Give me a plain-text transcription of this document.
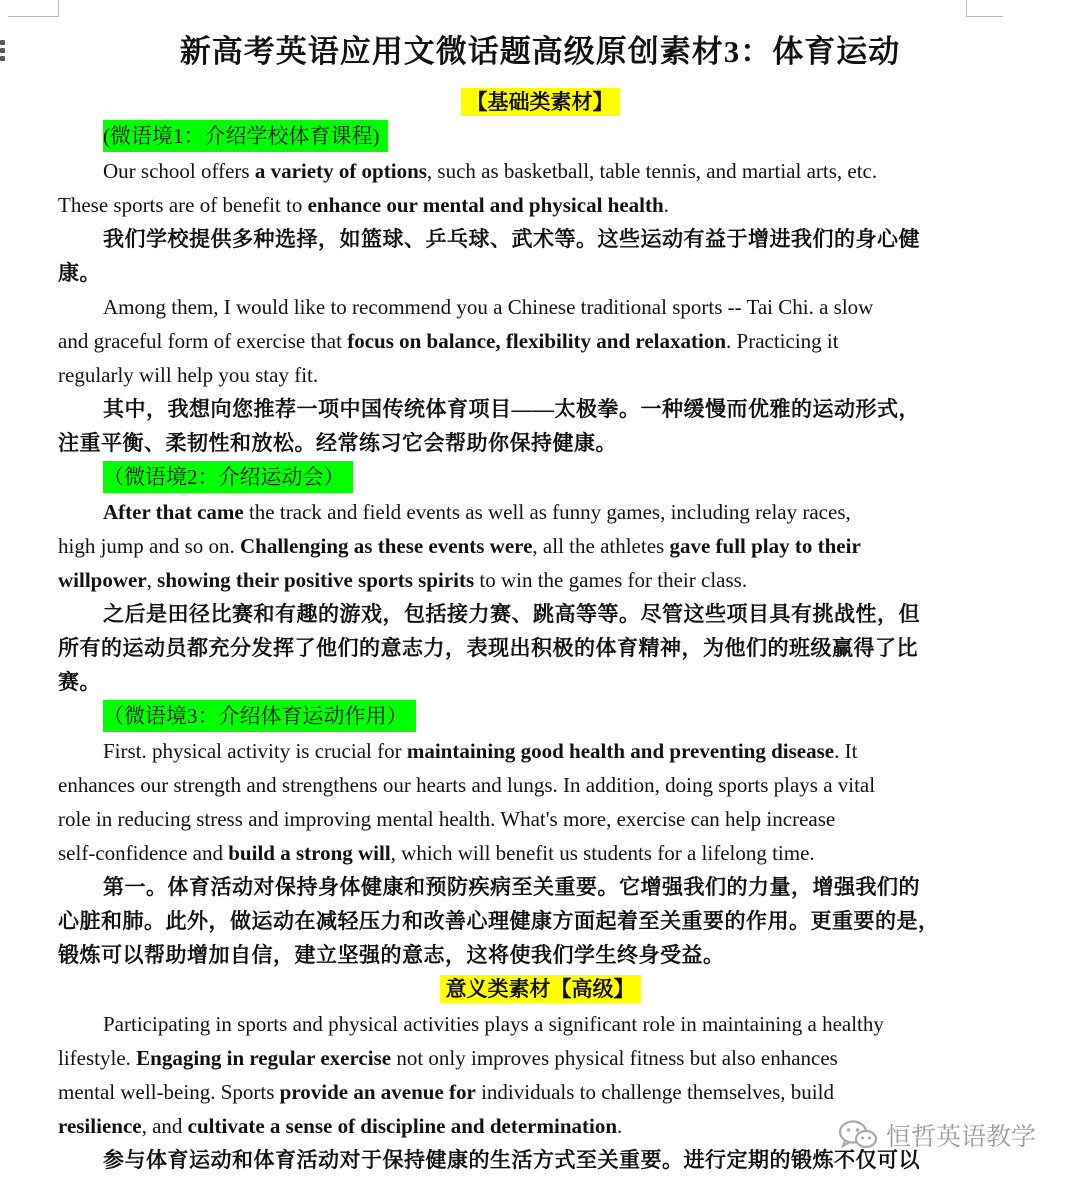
新高考英语应用文微话题高级原创素材3：体育运动
【基础类素材】
(微语境1：介绍学校体育课程)
Our school offers a variety of options, such as basketball, table tennis, and martial arts, etc.
These sports are of benefit to enhance our mental and physical health.
我们学校提供多种选择，如篮球、乒乓球、武术等。这些运动有益于增进我们的身心健
康。
Among them, I would like to recommend you a Chinese traditional sports -- Tai Chi. a slow
and graceful form of exercise that focus on balance, flexibility and relaxation. Practicing it
regularly will help you stay fit.
其中，我想向您推荐一项中国传统体育项目——太极拳。一种缓慢而优雅的运动形式，
注重平衡、柔韧性和放松。经常练习它会帮助你保持健康。
（微语境2：介绍运动会）
After that came the track and field events as well as funny games, including relay races,
high jump and so on. Challenging as these events were, all the athletes gave full play to their
willpower, showing their positive sports spirits to win the games for their class.
之后是田径比赛和有趣的游戏，包括接力赛、跳高等等。尽管这些项目具有挑战性，但
所有的运动员都充分发挥了他们的意志力，表现出积极的体育精神，为他们的班级赢得了比
赛。
（微语境3：介绍体育运动作用）
First. physical activity is crucial for maintaining good health and preventing disease. It
enhances our strength and strengthens our hearts and lungs. In addition, doing sports plays a vital
role in reducing stress and improving mental health. What's more, exercise can help increase
self-confidence and build a strong will, which will benefit us students for a lifelong time.
第一。体育活动对保持身体健康和预防疾病至关重要。它增强我们的力量，增强我们的
心脏和肺。此外，做运动在减轻压力和改善心理健康方面起着至关重要的作用。更重要的是，
锻炼可以帮助增加自信，建立坚强的意志，这将使我们学生终身受益。
意义类素材【高级】
Participating in sports and physical activities plays a significant role in maintaining a healthy
lifestyle. Engaging in regular exercise not only improves physical fitness but also enhances
mental well-being. Sports provide an avenue for individuals to challenge themselves, build
resilience, and cultivate a sense of discipline and determination.
参与体育运动和体育活动对于保持健康的生活方式至关重要。进行定期的锻炼不仅可以
恒哲英语教学
